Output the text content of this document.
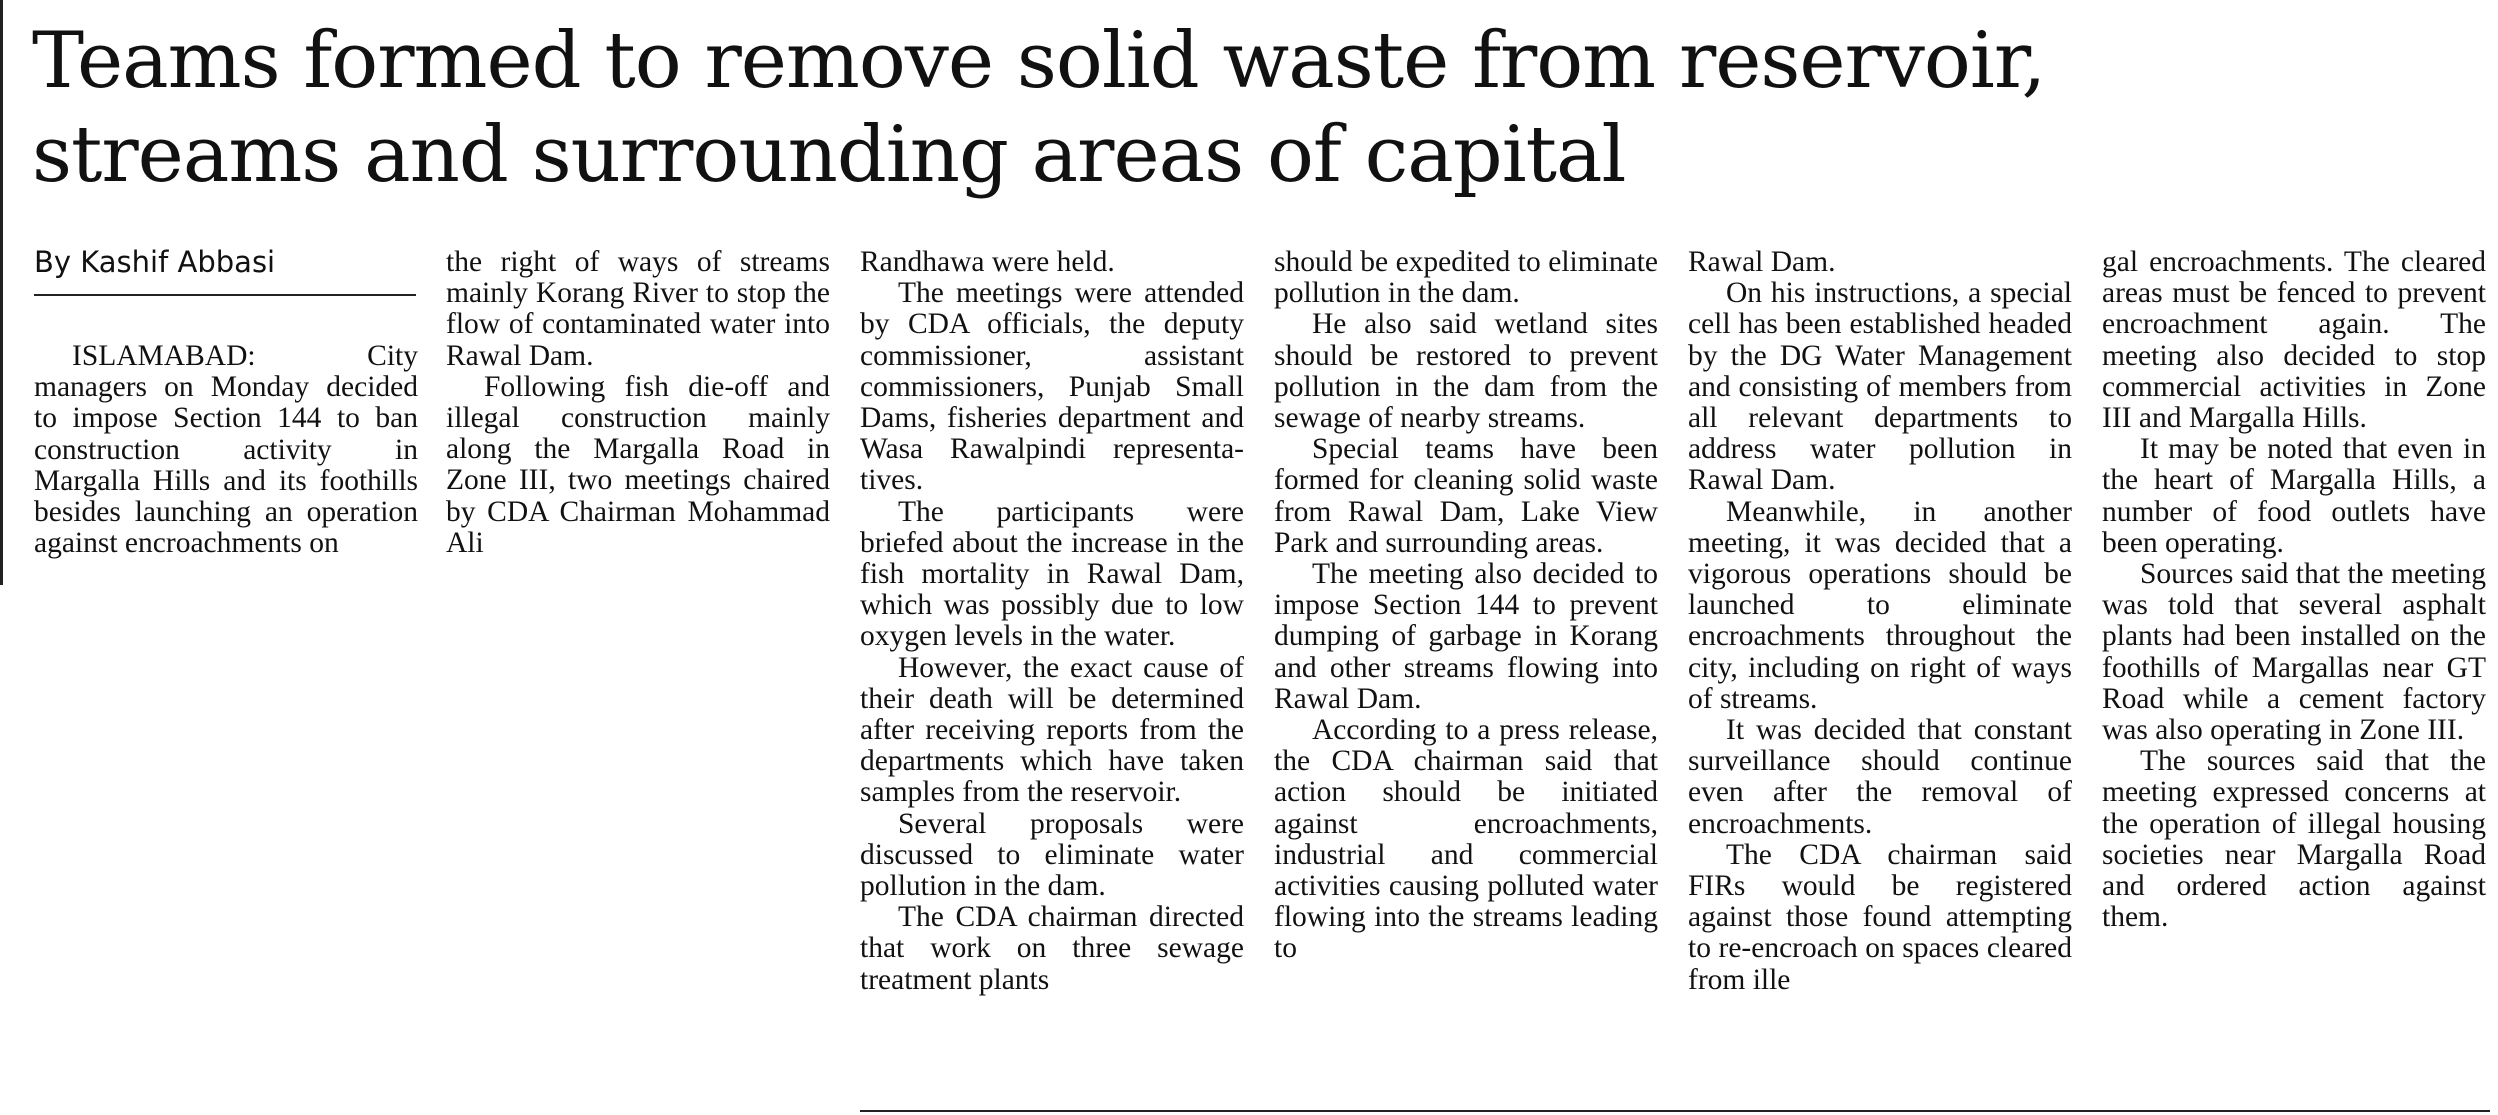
Teams formed to remove solid waste from reservoir,
streams and surrounding areas of capital

By Kashif Abbasi

ISLAMABAD: City managers on Monday decided to impose Section 144 to ban construction activity in Margalla Hills and its foothills besides launching an operation against encroachments on

the right of ways of streams mainly Korang River to stop the flow of contaminated water into Rawal Dam.

Following fish die-off and illegal construction mainly along the Margalla Road in Zone III, two meetings chaired by CDA Chairman Mohammad Ali

Randhawa were held.

The meetings were attended by CDA officials, the deputy commissioner, assistant commissioners, Punjab Small Dams, fisheries department and Wasa Rawalpindi representatives.

The participants were briefed about the increase in the fish mortality in Rawal Dam, which was possibly due to low oxygen levels in the water.

However, the exact cause of their death will be determined after receiving reports from the departments which have taken samples from the reservoir.

Several proposals were discussed to eliminate water pollution in the dam.

The CDA chairman directed that work on three sewage treatment plants

should be expedited to eliminate pollution in the dam.

He also said wetland sites should be restored to prevent pollution in the dam from the sewage of nearby streams.

Special teams have been formed for cleaning solid waste from Rawal Dam, Lake View Park and surrounding areas.

The meeting also decided to impose Section 144 to prevent dumping of garbage in Korang and other streams flowing into Rawal Dam.

According to a press release, the CDA chairman said that action should be initiated against encroachments, industrial and commercial activities causing polluted water flowing into the streams leading to

Rawal Dam.

On his instructions, a special cell has been established headed by the DG Water Management and consisting of members from all relevant departments to address water pollution in Rawal Dam.

Meanwhile, in another meeting, it was decided that a vigorous operations should be launched to eliminate encroachments throughout the city, including on right of ways of streams.

It was decided that constant surveillance should continue even after the removal of encroachments.

The CDA chairman said FIRs would be registered against those found attempting to re-encroach on spaces cleared from ille

gal encroachments. The cleared areas must be fenced to prevent encroachment again. The meeting also decided to stop commercial activities in Zone III and Margalla Hills.

It may be noted that even in the heart of Margalla Hills, a number of food outlets have been operating.

Sources said that the meeting was told that several asphalt plants had been installed on the foothills of Margallas near GT Road while a cement factory was also operating in Zone III.

The sources said that the meeting expressed concerns at the operation of illegal housing societies near Margalla Road and ordered action against them.
